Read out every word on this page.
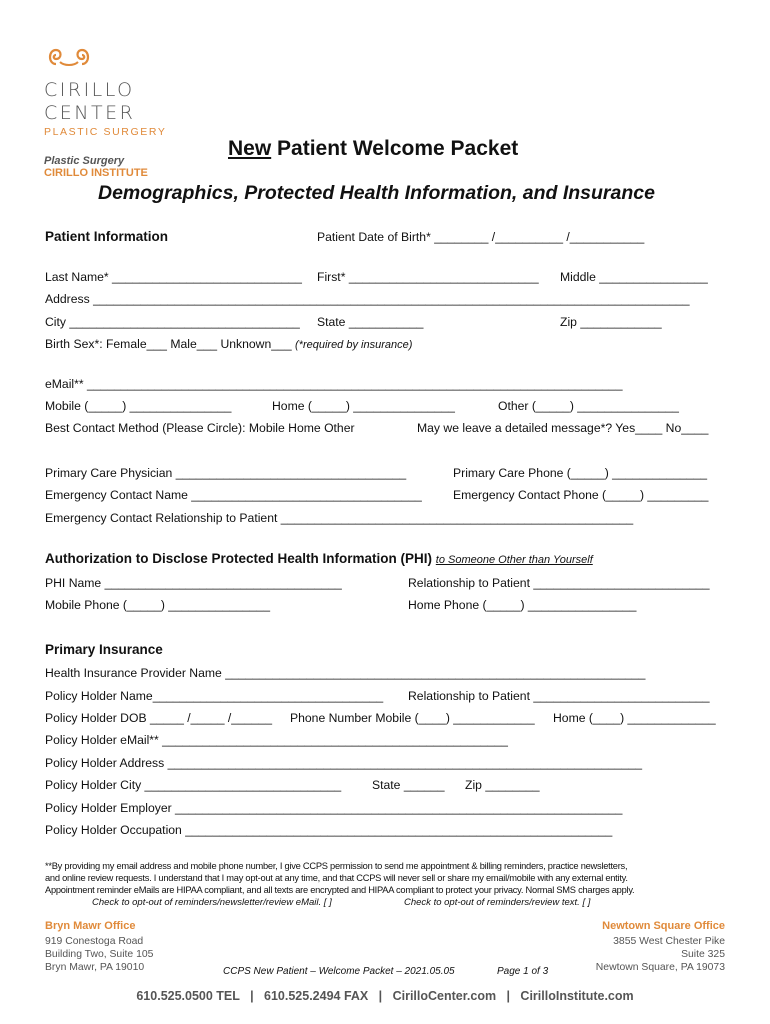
CIRILLO
CENTER
PLASTIC SURGERY
Plastic Surgery
CIRILLO INSTITUTE
New Patient Welcome Packet
Demographics, Protected Health Information, and Insurance
Patient Information	Patient Date of Birth* ________ /__________ /___________
Last Name* ____________________________ First* ____________________________ Middle ________________
Address ________________________________________________________________________________________
City __________________________________ State ___________	Zip ____________
Birth Sex*: Female___ Male___ Unknown___ (*required by insurance)
eMail** _______________________________________________________________________________
Mobile (_____) _______________	Home (_____) _______________	Other (_____) _______________
Best Contact Method (Please Circle): Mobile Home Other	May we leave a detailed message*? Yes____ No____
Primary Care Physician __________________________________	Primary Care Phone (_____) ______________
Emergency Contact Name __________________________________	Emergency Contact Phone (_____) _________
Emergency Contact Relationship to Patient ____________________________________________________
Authorization to Disclose Protected Health Information (PHI) to Someone Other than Yourself
PHI Name ___________________________________	Relationship to Patient __________________________
Mobile Phone (_____) _______________	Home Phone (_____) ________________
Primary Insurance
Health Insurance Provider Name ______________________________________________________________
Policy Holder Name__________________________________ Relationship to Patient __________________________
Policy Holder DOB _____ /_____ /______ Phone Number Mobile (____) ____________ Home (____) _____________
Policy Holder eMail** ___________________________________________________
Policy Holder Address ______________________________________________________________________
Policy Holder City _____________________________	State ______ Zip ________
Policy Holder Employer __________________________________________________________________
Policy Holder Occupation _______________________________________________________________
**By providing my email address and mobile phone number, I give CCPS permission to send me appointment & billing reminders, practice newsletters,
and online review requests. I understand that I may opt-out at any time, and that CCPS will never sell or share my email/mobile with any external entity.
Appointment reminder eMails are HIPAA compliant, and all texts are encrypted and HIPAA compliant to protect your privacy. Normal SMS charges apply.
Check to opt-out of reminders/newsletter/review eMail. [ ]	Check to opt-out of reminders/review text. [ ]
Bryn Mawr Office
919 Conestoga Road
Building Two, Suite 105
Bryn Mawr, PA 19010
Newtown Square Office
3855 West Chester Pike
Suite 325
Newtown Square, PA 19073
CCPS New Patient – Welcome Packet – 2021.05.05	Page 1 of 3
610.525.0500 TEL   |   610.525.2494 FAX   |   CirilloCenter.com   |   CirilloInstitute.com
